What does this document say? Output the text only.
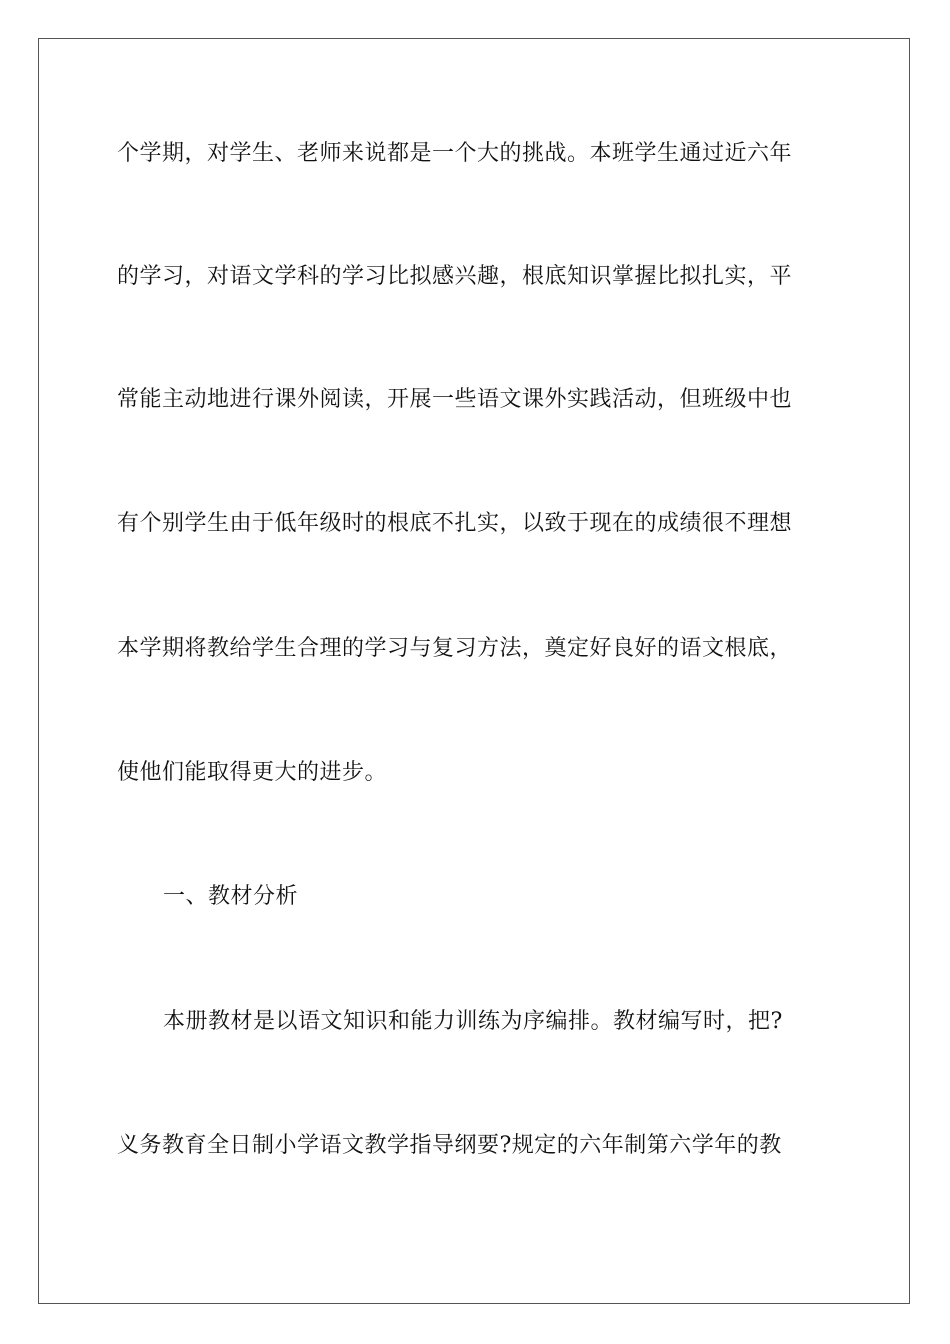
个学期，对学生、老师来说都是一个大的挑战。本班学生通过近六年
的学习，对语文学科的学习比拟感兴趣，根底知识掌握比拟扎实，平
常能主动地进行课外阅读，开展一些语文课外实践活动，但班级中也
有个别学生由于低年级时的根底不扎实，以致于现在的成绩很不理想
本学期将教给学生合理的学习与复习方法，奠定好良好的语文根底，
使他们能取得更大的进步。
一、教材分析
本册教材是以语文知识和能力训练为序编排。教材编写时，把?
义务教育全日制小学语文教学指导纲要?规定的六年制第六学年的教
